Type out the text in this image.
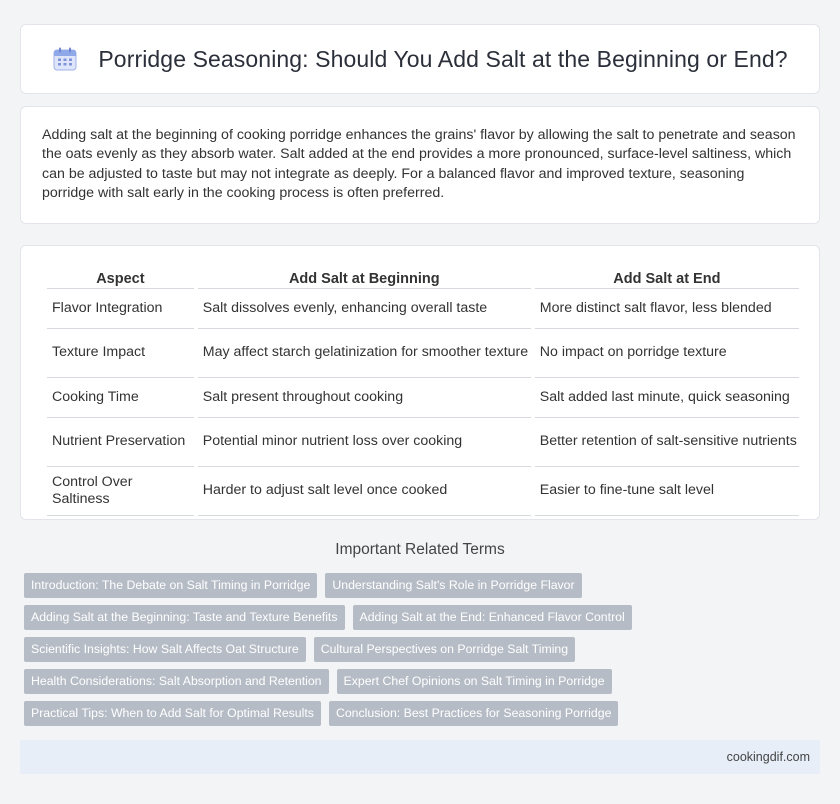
Porridge Seasoning: Should You Add Salt at the Beginning or End?

Adding salt at the beginning of cooking porridge enhances the grains' flavor by allowing the salt to penetrate and season the oats evenly as they absorb water. Salt added at the end provides a more pronounced, surface-level saltiness, which can be adjusted to taste but may not integrate as deeply. For a balanced flavor and improved texture, seasoning porridge with salt early in the cooking process is often preferred.

Aspect	Add Salt at Beginning	Add Salt at End
Flavor Integration	Salt dissolves evenly, enhancing overall taste	More distinct salt flavor, less blended
Texture Impact	May affect starch gelatinization for smoother texture	No impact on porridge texture
Cooking Time	Salt present throughout cooking	Salt added last minute, quick seasoning
Nutrient Preservation	Potential minor nutrient loss over cooking	Better retention of salt-sensitive nutrients
Control Over Saltiness	Harder to adjust salt level once cooked	Easier to fine-tune salt level
Important Related Terms
Introduction: The Debate on Salt Timing in Porridge	Understanding Salt's Role in Porridge Flavor
Adding Salt at the Beginning: Taste and Texture Benefits	Adding Salt at the End: Enhanced Flavor Control
Scientific Insights: How Salt Affects Oat Structure	Cultural Perspectives on Porridge Salt Timing
Health Considerations: Salt Absorption and Retention	Expert Chef Opinions on Salt Timing in Porridge
Practical Tips: When to Add Salt for Optimal Results	Conclusion: Best Practices for Seasoning Porridge
cookingdif.com
